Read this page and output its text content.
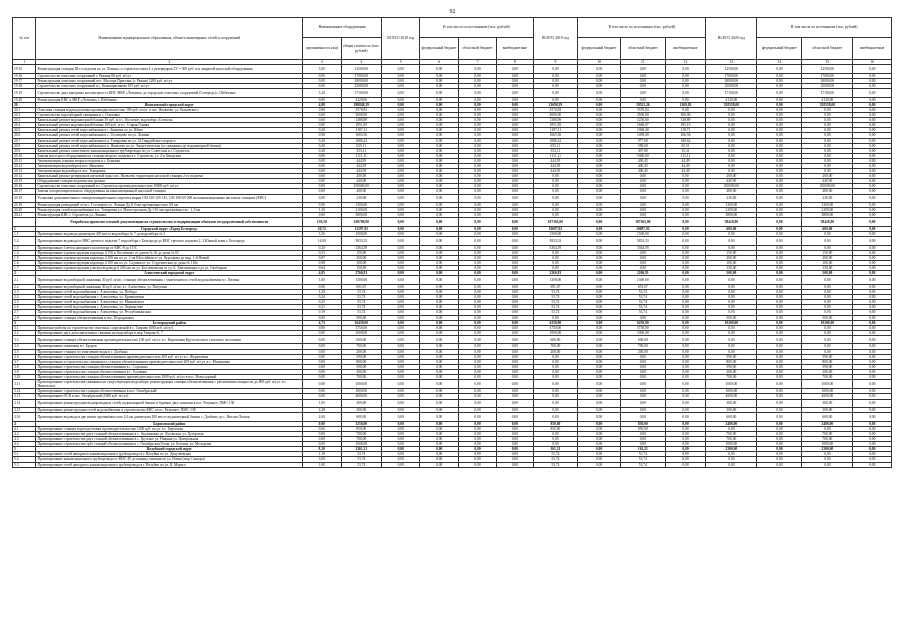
92
№ п/п	Наименование муниципального образования, объекта инженерных сетей и сооружений	Наименование оборудования		ВСЕГО 2018 год	В том числе по источникам (тыс. рублей)			ВСЕГО 2019 год	В том числе по источникам (тыс. рублей)			ВСЕГО 2020 год	В том числе по источникам (тыс. рублей)		
		протяжённость (км)	общая стоимость (тыс. рублей)		федеральный бюджет	областной бюджет	внебюджетные		федеральный бюджет	областной бюджет	внебюджетные		федеральный бюджет	областной бюджет	внебюджетные
1	2	3	4	5	6	7	8	9	10	11	12	13	14	15	16
19.15	Реконструкция станции III-го подъема по ул. Ленина со строительством 2-х резервуаров 2V = 300 куб. м и закрытой насосной оборудования	5,00	12500,00	0,00	0,00	0,00	0,00	0,00	0,00	0,00	0,00	12500,00	0,00	12500,00	0,00
19.16	Строительство очистных сооружений г. Ряжина 80 куб. м/сут	0,00	17000,00	0,00	0,00	0,00	0,00	0,00	0,00	0,00	0,00	17000,00	0,00	17000,00	0,00
19.17	Реконструкция очистных сооружений пос. Мастера Пристань (г. Ряжин) 1200 куб. м/сут	0,00	30000,00	0,00	0,00	0,00	0,00	0,00	0,00	0,00	0,00	30000,00	0,00	30000,00	0,00
19.18	Строительство очистных сооружений в с. Кожыпрятинова 105 куб. м/сут	0,00	25000,00	0,00	0,00	0,00	0,00	0,00	0,00	0,00	0,00	25000,00	0,00	25000,00	0,00
19.19	Строительство двух напорных коллекторов от КНС МКР «Лоткино» до городских очистных сооружений (I очередь) г. Шебекино	5,20	17100,00	0,00	0,00	0,00	0,00	0,00	0,00	0,00	0,00	17100,00	0,00	17100,00	0,00
19.20	Реконструкция КНС в МКР «Лоткино» г. Шебекино	0,00	4120,00	0,00	0,00	0,00	0,00	0,00	0,00	0,00	0,00	4120,00	0,00	4120,00	0,00
20	Яковлевский городской округ	4,80	280848,29	0,00	0,00	0,00	0,00	21690,29	0,00	19521,26	2169,03	258358,00	0,00	258358,00	0,00
20.1	Очистная станция водоподготовки производительностью 100 куб. м/сут. в пос. Яковлево, ул. Кошевского	0,00	5570,83	0,00	0,00	0,00	0,00	5570,83	0,00	5570,83	0,00	0,00	0,00	0,00	0,00
20.2	Строительство водозаборной скважины в с. Ольховка	0,00	5000,00	0,00	0,00	0,00	0,00	5000,00	0,00	4500,00	500,00	0,00	0,00	0,00	0,00
20.3	Капитальный ремонт водонапорной башни 30 куб. м в с. Кустовое, водозабор «Совхоза»	0,00	1388,89	0,00	0,00	0,00	0,00	1388,89	0,00	1250,00	138,89	0,00	0,00	0,00	0,00
20.4	Капитальный ремонт водонапорной башни 160 куб. м в с. Старая Глинка	0,00	1851,85	0,00	0,00	0,00	0,00	1851,85	0,00	1666,67	185,19	0,00	0,00	0,00	0,00
20.5	Капитальный ремонт сетей водоснабжения в с. Быковка по ул. Шевч	0,20	1187,11	0,00	0,00	0,00	0,00	1187,11	0,00	1068,40	118,71	0,00	0,00	0,00	0,00
20.6	Капитальный ремонт сетей водоснабжения в с. Гостищево по ул. Ленина	0,90	1665,56	0,00	0,00	0,00	0,00	1665,56	0,00	1499,00	166,56	0,00	0,00	0,00	0,00
20.7	Капитальный ремонт сетей водоснабжения в п. Томаровка по ул. 32 Гвардейского корпуса	0,40	1086,22	0,00	0,00	0,00	0,00	1086,22	0,00	977,60	108,62	0,00	0,00	0,00	0,00
20.8	Капитальный ремонт сетей водоснабжения в п. Яковлево по ул. Энергетическая (от скважины до водонапорной башни)	0,40	655,11	0,00	0,00	0,00	0,00	655,11	0,00	589,60	65,51	0,00	0,00	0,00	0,00
20.9	Капитальный ремонт самотечного канализационного трубопровода по ул. Советская в г. Строитель	0,20	353,11	0,00	0,00	0,00	0,00	353,11	0,00	497,80	35,31	0,00	0,00	0,00	0,00
20.10	Замена насосного оборудования на станции второго подъема в г. Строитель, ул. 2-я Заводская	0,00	1111,11	0,00	0,00	0,00	0,00	1111,11	0,00	1000,00	111,11	0,00	0,00	0,00	0,00
20.11	Автоматизация станции второго подъема в с. Быковка	0,00	444,95	0,00	0,00	0,00	0,00	444,95	0,00	400,45	44,49	0,00	0,00	0,00	0,00
20.12	Автоматизация водозабора в пос. Яковлево	0,00	444,95	0,00	0,00	0,00	0,00	444,95	0,00	400,45	44,49	0,00	0,00	0,00	0,00
20.13	Автоматизация водозабора в пос. Томаровка	0,00	444,95	0,00	0,00	0,00	0,00	444,95	0,00	400,45	44,49	0,00	0,00	0,00	0,00
20.14	Капитальный ремонт резервуаров питьевой воды пос. Яковлево территории насосной станции 2-го подъема	0,00	200,00	0,00	0,00	0,00	0,00	0,00	0,00	0,00	0,00	200,00	0,00	200,00	0,00
20.15	Оборудование станции водоочистки урожая	0,00	440,00	0,00	0,00	0,00	0,00	0,00	0,00	0,00	0,00	440,00	0,00	440,00	0,00
20.16	Строительство очистных сооружений в г. Строитель производительностью 10000 куб. м/сут	0,00	250000,00	0,00	0,00	0,00	0,00	0,00	0,00	0,00	0,00	250000,00	0,00	250000,00	0,00
20.17	Замена лоторасширительного оборудования на канализационной насосной станции	0,00	280,00	0,00	0,00	0,00	0,00	0,00	0,00	0,00	0,00	280,00	0,00	280,00	0,00
20.18	Установка дополнительного электроизмерительного агрегата марки CM 130-125-315, CM 100-65-200 на канализационных насосных станциях (КНС)	0,00	230,00	0,00	0,00	0,00	0,00	0,00	0,00	0,00	0,00	230,00	0,00	230,00	0,00
20.19	Реконструкция разводящей сети с. Гостищево ул. Ленина Ду110 мм протяжённостью 0,9 км	0,90	1300,00	0,00	0,00	0,00	0,00	0,00	0,00	0,00	0,00	1300,00	0,00	1300,00	0,00
20.20	Реконструкция сетей водоснабжения в п. Томаровка ул. Магистральная Ду-110 мм протяжённость - 1,5 км	1,50	2100,00	0,00	0,00	0,00	0,00	0,00	0,00	0,00	0,00	2100,00	0,00	2100,00	0,00
20.21	Реконструкция КНС г. Строитель ул. Ленина	0,00	3800,00	0,00	0,00	0,00	0,00	0,00	0,00	0,00	0,00	3800,00	0,00	3800,00	0,00
	Разработка проектно-сметной документации на строительство и модернизацию объектов государственной собственности	139,20	169780,00	0,00	0,00	0,00	0,00	107365,00	0,00	107365,00	0,00	38420,00	0,00	38420,00	0,00
1	Городской округ «Город Белгород»	20,72	11297,92	0,00	0,00	0,00	0,00	10697,92	0,00	10697,92	0,00	600,00	0,00	600,00	0,00
1.1	Проектирование водовода диаметром 430 мм от водозабора № 7 до водозабора № 3	3,50	1500,00	0,00	0,00	0,00	0,00	1500,00	0,00	1500,00	0,00	0,00	0,00	0,00	0,00
1.2	Проектирование водовода от ВНС третьего подъема 7 водозабора г. Белгорода до ВНС третьего подъема 2, 3 Южной зоны г. Белгорода	14,00	5833,33	0,00	0,00	0,00	0,00	5833,33	0,00	5833,33	0,00	0,00	0,00	0,00	0,00
1.3	Проектирование 3 веток напорного коллектора от КНС-8 до ГОС	0,20	3364,59	0,00	0,00	0,00	0,00	3364,59	0,00	3364,59	0,00	0,00	0,00	0,00	0,00
1.4	Проектирование и реконструкция водовода d 150 в. Костюково от домов № 36 до дома № 65	0,53	150,00	0,00	0,00	0,00	0,00	0,00	0,00	0,00	0,00	150,00	0,00	150,00	0,00
1.5	Проектирование и реконструкция водовода d 100 мм по ул. 1-ая Шоссейная от ул. Курганова до мкр. 1-й Новый	0,87	200,00	0,00	0,00	0,00	0,00	0,00	0,00	0,00	0,00	200,00	0,00	200,00	0,00
1.6	Проектирование и реконструкция водовода d 100 мм по ул. Садовая от ул. Студенческая до дома № 118а	0,98	100,00	0,00	0,00	0,00	0,00	0,00	0,00	0,00	0,00	100,00	0,00	100,00	0,00
1.7	Проектирование и реконструкция участка водовода d 200 мм по ул. Костюковская от ул. Б. Хмельницкого до ул. Свободная	0,64	150,00	0,00	0,00	0,00	0,00	0,00	0,00	0,00	0,00	150,00	0,00	150,00	0,00
2	Алексеевский городской округ	4,05	2766,81	0,00	0,00	0,00	0,00	2266,81	0,00	2266,81	0,00	500,00	0,00	500,00	0,00
2.1	Проектирование водозаборной скважины 30 куб. м/час, станции обезжелезивания с умягчением и сетей водоснабжения в с. Иловка	1,00	1300,00	0,00	0,00	0,00	0,00	1300,00	0,00	1300,00	0,00	0,00	0,00	0,00	0,00
2.2	Проектирование водозаборной скважины 30 куб. м/час в г. Алексеевка, ул. Пятугина	0,00	691,67	0,00	0,00	0,00	0,00	691,67	0,00	691,67	0,00	0,00	0,00	0,00	0,00
2.3	Проектирование сетей водоснабжения г. Алексеевка, ул. Победы	1,29	53,74	0,00	0,00	0,00	0,00	53,74	0,00	53,74	0,00	0,00	0,00	0,00	0,00
2.4	Проектирование сетей водоснабжения г. Алексеевка, ул. Кривошеина	0,24	53,74	0,00	0,00	0,00	0,00	53,74	0,00	53,74	0,00	0,00	0,00	0,00	0,00
2.5	Проектирование сетей водоснабжения г. Алексеевка, ул. Маяковского	0,25	53,74	0,00	0,00	0,00	0,00	53,74	0,00	53,74	0,00	0,00	0,00	0,00	0,00
2.6	Проектирование сетей водоснабжения г. Алексеевка, ул. Лермонтова	0,21	53,74	0,00	0,00	0,00	0,00	53,74	0,00	53,74	0,00	0,00	0,00	0,00	0,00
2.7	Проектирование сетей водоснабжения г. Алексеевка, ул. Республиканская	0,19	53,74	0,00	0,00	0,00	0,00	53,74	0,00	53,74	0,00	0,00	0,00	0,00	0,00
2.8	Проектирование станции обезжелезивания в пос. Подгорновка	0,00	500,00	0,00	0,00	0,00	0,00	0,00	0,00	0,00	0,00	500,00	0,00	500,00	0,00
3	Белгородский район	4,73	16450,00	0,00	0,00	0,00	0,00	6250,00	0,00	6250,00	0,00	10200,00	0,00	10200,00	0,00
3.1	Проектные работы по строительству очистных сооружений в с. Таврово (600 куб. м/сут)	0,00	3750,00	0,00	0,00	0,00	0,00	3750,00	0,00	3750,00	0,00	0,00	0,00	0,00	0,00
3.2	Проектирование двух дополнительных скважин на водозаборе в мкр Таврово-6, 7	0,00	1000,00	0,00	0,00	0,00	0,00	1000,00	0,00	1000,00	0,00	0,00	0,00	0,00	0,00
3.3	Проектирование станции обезжелезивания производительностью 100 куб. м/сут. в с. Кирпичная Крутологского сельского поселения	0,00	600,00	0,00	0,00	0,00	0,00	600,00	0,00	600,00	0,00	0,00	0,00	0,00	0,00
3.4	Проектирование скважины в с. Бродок	0,00	700,00	0,00	0,00	0,00	0,00	700,00	0,00	700,00	0,00	0,00	0,00	0,00	0,00
3.5	Проектирование станции по умягчению воды в с. Долбино	0,00	200,00	0,00	0,00	0,00	0,00	200,00	0,00	200,00	0,00	0,00	0,00	0,00	0,00
3.6	Проектирование строительства станции обезжелезивания производительностью 200 куб. м/сут в с. Журавлевка	0,00	590,00	0,00	0,00	0,00	0,00	0,00	0,00	0,00	0,00	590,00	0,00	590,00	0,00
3.7	Проектирование и строительство скважины и станции обезжелезивания производительностью 200 куб. м/сут. в с. Малиновка	0,00	800,00	0,00	0,00	0,00	0,00	0,00	0,00	0,00	0,00	800,00	0,00	800,00	0,00
3.8	Проектирование строительства станции обезжелезивания в с. Сорокино	0,00	590,00	0,00	0,00	0,00	0,00	0,00	0,00	0,00	0,00	590,00	0,00	590,00	0,00
3.9	Проектирование строительства станции обезжелезивания в с. Головино	0,00	200,00	0,00	0,00	0,00	0,00	0,00	0,00	0,00	0,00	200,00	0,00	200,00	0,00
3.10	Проектирование строительства станции обезжелезивания производительностью 1000 куб. м/сут в пос. Новосадовый	0,00	700,00	0,00	0,00	0,00	0,00	0,00	0,00	0,00	0,00	700,00	0,00	700,00	0,00
3.11	Проектирование строительства скважины на существующем водозаборе, реконструкция станции обезжелезивания с увеличением мощности до 800 куб. м/сут. в с. Никольское	0,00	1000,00	0,00	0,00	0,00	0,00	0,00	0,00	0,00	0,00	1000,00	0,00	1000,00	0,00
3.12	Проектирование строительства станции обезжелезивания в пос. Октябрьский	0,00	1000,00	0,00	0,00	0,00	0,00	0,00	0,00	0,00	0,00	1000,00	0,00	1000,00	0,00
3.13	Проектирование ОСК в пос. Октябрьский (1000 куб. м/сут)	0,00	4600,00	0,00	0,00	0,00	0,00	0,00	0,00	0,00	0,00	4600,00	0,00	4600,00	0,00
3.14	Проектирование реконструкции водопроводных сетей, водонапорной башни и бурения двух скважин в пос. Разумное, ПМС-138	1,85	300,00	0,00	0,00	0,00	0,00	0,00	0,00	0,00	0,00	300,00	0,00	300,00	0,00
3.15	Проектирование реконструкции сетей водоснабжения и строительства КНС в пос. Разумное, ПМС-138	2,28	300,00	0,00	0,00	0,00	0,00	0,00	0,00	0,00	0,00	300,00	0,00	300,00	0,00
3.16	Проектирование водовода в две нитки протяжённостью 2,6 км диаметром 100 мм от водонапорной башни с. Долбино до с. Вислая Лесная	2,60	600,00	0,00	0,00	0,00	0,00	0,00	0,00	0,00	0,00	600,00	0,00	600,00	0,00
4	Борисовский район	0,00	3250,00	0,00	0,00	0,00	0,00	850,00	0,00	850,00	0,00	2400,00	0,00	2400,00	0,00
4.1	Проектирование станции водоподготовки производительностью 1200 куб. м/сут. в с. Березовка	0,00	850,00	0,00	0,00	0,00	0,00	850,00	0,00	850,00	0,00	0,00	0,00	0,00	0,00
4.2	Проектирование строительства двух станций обезжелезивания в с. Акулиновка ул. Луговская, ул. Хуторская	0,00	700,00	0,00	0,00	0,00	0,00	0,00	0,00	0,00	0,00	700,00	0,00	700,00	0,00
4.3	Проектирование строительства двух станций обезжелезивания в с. Грузское ул. Нижняя ул. Центральная	0,00	700,00	0,00	0,00	0,00	0,00	0,00	0,00	0,00	0,00	700,00	0,00	700,00	0,00
4.4	Проектирование строительства трёх станций обезжелезивания в с. Октябрьская Готня, ул. Беговая, ул. Молодежн	0,00	1000,00	0,00	0,00	0,00	0,00	0,00	0,00	0,00	0,00	1000,00	0,00	1000,00	0,00
5	Валуйский городской округ	8,10	2361,21	0,00	0,00	0,00	0,00	161,21	0,00	161,21	0,00	2200,00	0,00	2200,00	0,00
5.1	Проектирование сетей напорного канализационного трубопровода в г. Валуйки по ул. Докучаевская	1,10	53,74	0,00	0,00	0,00	0,00	53,74	0,00	53,74	0,00	0,00	0,00	0,00	0,00
5.2	Проектирование канализационного трубопровода от КНС-49 до камеры гашения по ул. Новая (мкр. Саятора)	3,00	53,74	0,00	0,00	0,00	0,00	53,74	0,00	53,74	0,00	0,00	0,00	0,00	0,00
5.3	Проектирование сетей напорного канализационного трубопровода в г. Валуйки по ул. К. Маркса	1,00	53,74	0,00	0,00	0,00	0,00	53,74	0,00	53,74	0,00	0,00	0,00	0,00	0,00
